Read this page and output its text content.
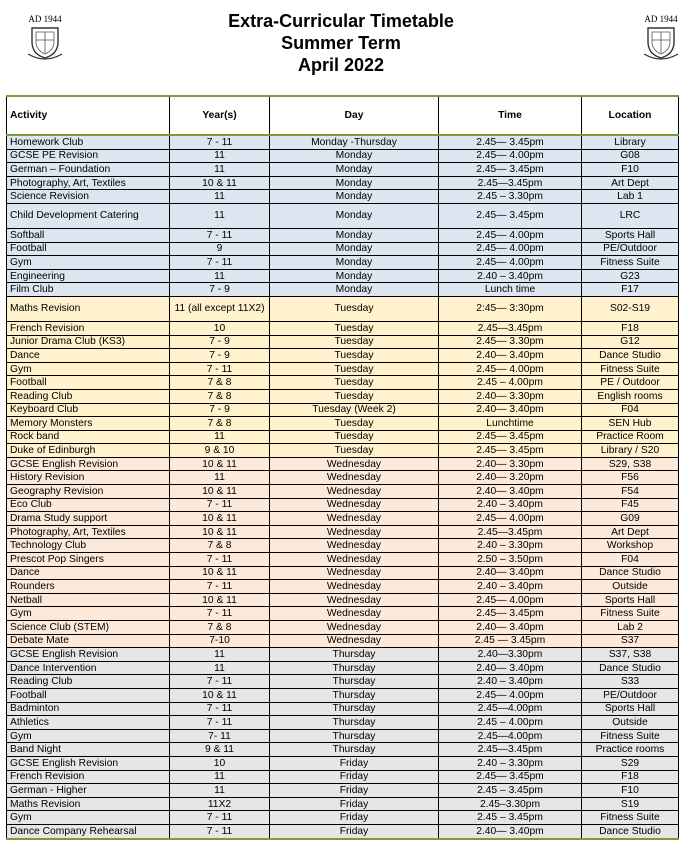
AD 1944	AD 1944
Extra-Curricular Timetable
Summer Term
April 2022
Activity	Year(s)	Day	Time	Location
Homework Club	7 - 11	Monday -Thursday	2.45— 3.45pm	Library
GCSE PE Revision	11	Monday	2.45— 4.00pm	G08
German – Foundation	11	Monday	2.45— 3.45pm	F10
Photography, Art, Textiles	10 & 11	Monday	2.45—3.45pm	Art Dept
Science Revision	11	Monday	2.45 – 3.30pm	Lab 1
Child Development Catering	11	Monday	2.45— 3.45pm	LRC
Softball	7 - 11	Monday	2.45— 4.00pm	Sports Hall
Football	9	Monday	2.45— 4.00pm	PE/Outdoor
Gym	7 - 11	Monday	2.45— 4.00pm	Fitness Suite
Engineering	11	Monday	2.40 – 3.40pm	G23
Film Club	7 - 9	Monday	Lunch time	F17
Maths Revision	11 (all except 11X2)	Tuesday	2:45— 3:30pm	S02-S19
French Revision	10	Tuesday	2.45—3.45pm	F18
Junior Drama Club (KS3)	7 - 9	Tuesday	2.45— 3.30pm	G12
Dance	7 - 9	Tuesday	2.40— 3.40pm	Dance Studio
Gym	7 - 11	Tuesday	2.45— 4.00pm	Fitness Suite
Football	7 & 8	Tuesday	2.45 – 4.00pm	PE / Outdoor
Reading Club	7 & 8	Tuesday	2.40— 3.30pm	English rooms
Keyboard Club	7 - 9	Tuesday (Week 2)	2.40— 3.40pm	F04
Memory Monsters	7 & 8	Tuesday	Lunchtime	SEN Hub
Rock band	11	Tuesday	2.45— 3.45pm	Practice Room
Duke of Edinburgh	9 & 10	Tuesday	2.45— 3.45pm	Library / S20
GCSE English Revision	10 & 11	Wednesday	2.40— 3.30pm	S29, S38
History Revision	11	Wednesday	2.40— 3.20pm	F56
Geography Revision	10 & 11	Wednesday	2.40— 3.40pm	F54
Eco Club	7 - 11	Wednesday	2.40 – 3.40pm	F45
Drama Study support	10 & 11	Wednesday	2.45— 4.00pm	G09
Photography, Art, Textiles	10 & 11	Wednesday	2.45—3.45pm	Art Dept
Technology Club	7 & 8	Wednesday	2.40 – 3.30pm	Workshop
Prescot Pop Singers	7 - 11	Wednesday	2.50 – 3.50pm	F04
Dance	10 & 11	Wednesday	2.40— 3.40pm	Dance Studio
Rounders	7 - 11	Wednesday	2.40 – 3.40pm	Outside
Netball	10 & 11	Wednesday	2.45— 4.00pm	Sports Hall
Gym	7 - 11	Wednesday	2.45— 3.45pm	Fitness Suite
Science Club (STEM)	7 & 8	Wednesday	2.40— 3.40pm	Lab 2
Debate Mate	7-10	Wednesday	2.45 — 3.45pm	S37
GCSE English Revision	11	Thursday	2.40—3.30pm	S37, S38
Dance Intervention	11	Thursday	2.40— 3.40pm	Dance Studio
Reading Club	7 - 11	Thursday	2.40 – 3.40pm	S33
Football	10 & 11	Thursday	2.45— 4.00pm	PE/Outdoor
Badminton	7 - 11	Thursday	2.45—4.00pm	Sports Hall
Athletics	7 - 11	Thursday	2.45 – 4.00pm	Outside
Gym	7- 11	Thursday	2.45—4.00pm	Fitness Suite
Band Night	9 & 11	Thursday	2.45—3.45pm	Practice rooms
GCSE English Revision	10	Friday	2.40 – 3.30pm	S29
French Revision	11	Friday	2.45— 3.45pm	F18
German - Higher	11	Friday	2.45 – 3.45pm	F10
Maths Revision	11X2	Friday	2.45–3.30pm	S19
Gym	7 - 11	Friday	2.45 – 3.45pm	Fitness Suite
Dance Company Rehearsal	7 - 11	Friday	2.40— 3.40pm	Dance Studio
